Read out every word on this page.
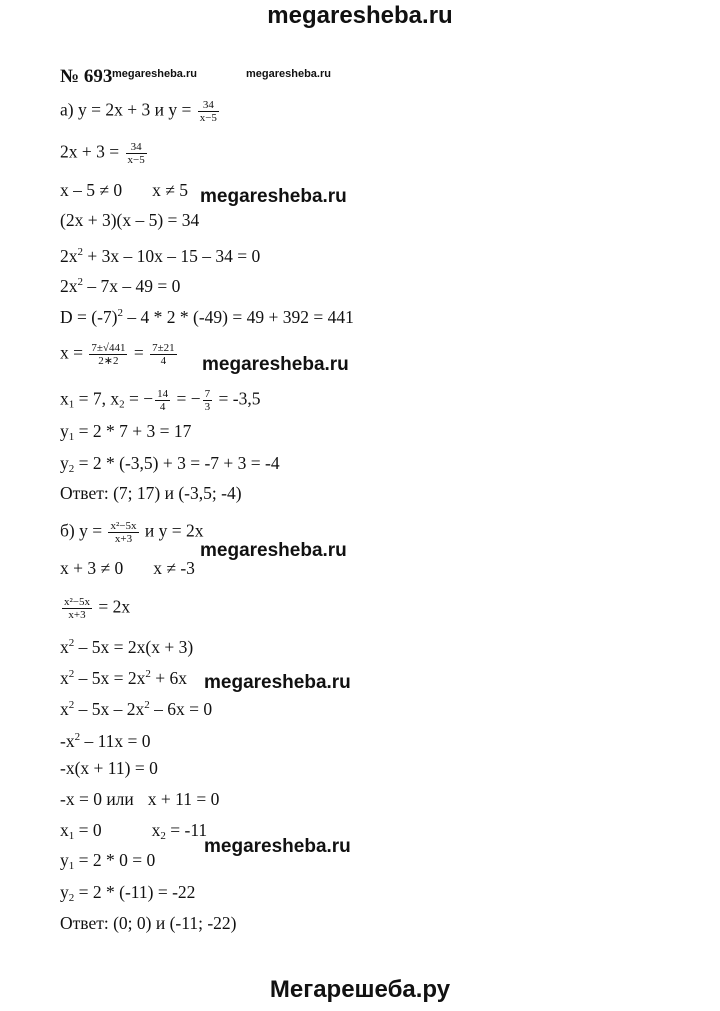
megaresheba.ru
№ 693 megaresheba.ru	megaresheba.ru
а) y = 2x + 3 и $y = \frac{34}{x-5}$
$2x + 3 = \frac{34}{x-5}$
x – 5 ≠ 0 x ≠ 5 megaresheba.ru
(2x + 3)(x – 5) = 34
$2x^2 + 3x - 10x - 15 - 34 = 0$
$2x^2 - 7x - 49 = 0$
$D = (-7)^2 - 4 * 2 * (-49) = 49 + 392 = 441$
$x = \frac{7\pm√441}{2∗2} = \frac{7\pm 21}{4}$ megaresheba.ru
$x_1 = 7$, $x_2$ = − $\frac{14}{4}$ = − $\frac{7}{3} = -3,5$
$y_1 = 2 * 7 + 3 = 17$
$y_2 = 2 * (-3,5) + 3 = -7 + 3 = -4$
Ответ: (7; 17) и (-3,5; -4)
б) $y = \frac{\text{x²−5x}}{x+3}$ и y = 2x
megaresheba.ru
x + 3 ≠ 0 x ≠ -3
$\frac{\text{x²−5x}}{x+3} = 2x$
$x^2 - 5x = 2x(x + 3)$
$x^2 - 5x = 2x^2 + 6x$ megaresheba.ru
$x^2 - 5x - 2x^2 - 6x = 0$
$-x^2 - 11x = 0$
-x(x + 11) = 0
-x = 0 или x + 11 = 0
$x_1 = 0$	$x_2 = -11$
megaresheba.ru
$y_1 = 2 * 0 = 0$
$y_2 = 2 * (-11) = -22$
Ответ: (0; 0) и (-11; -22)
Мегарешеба.ру
